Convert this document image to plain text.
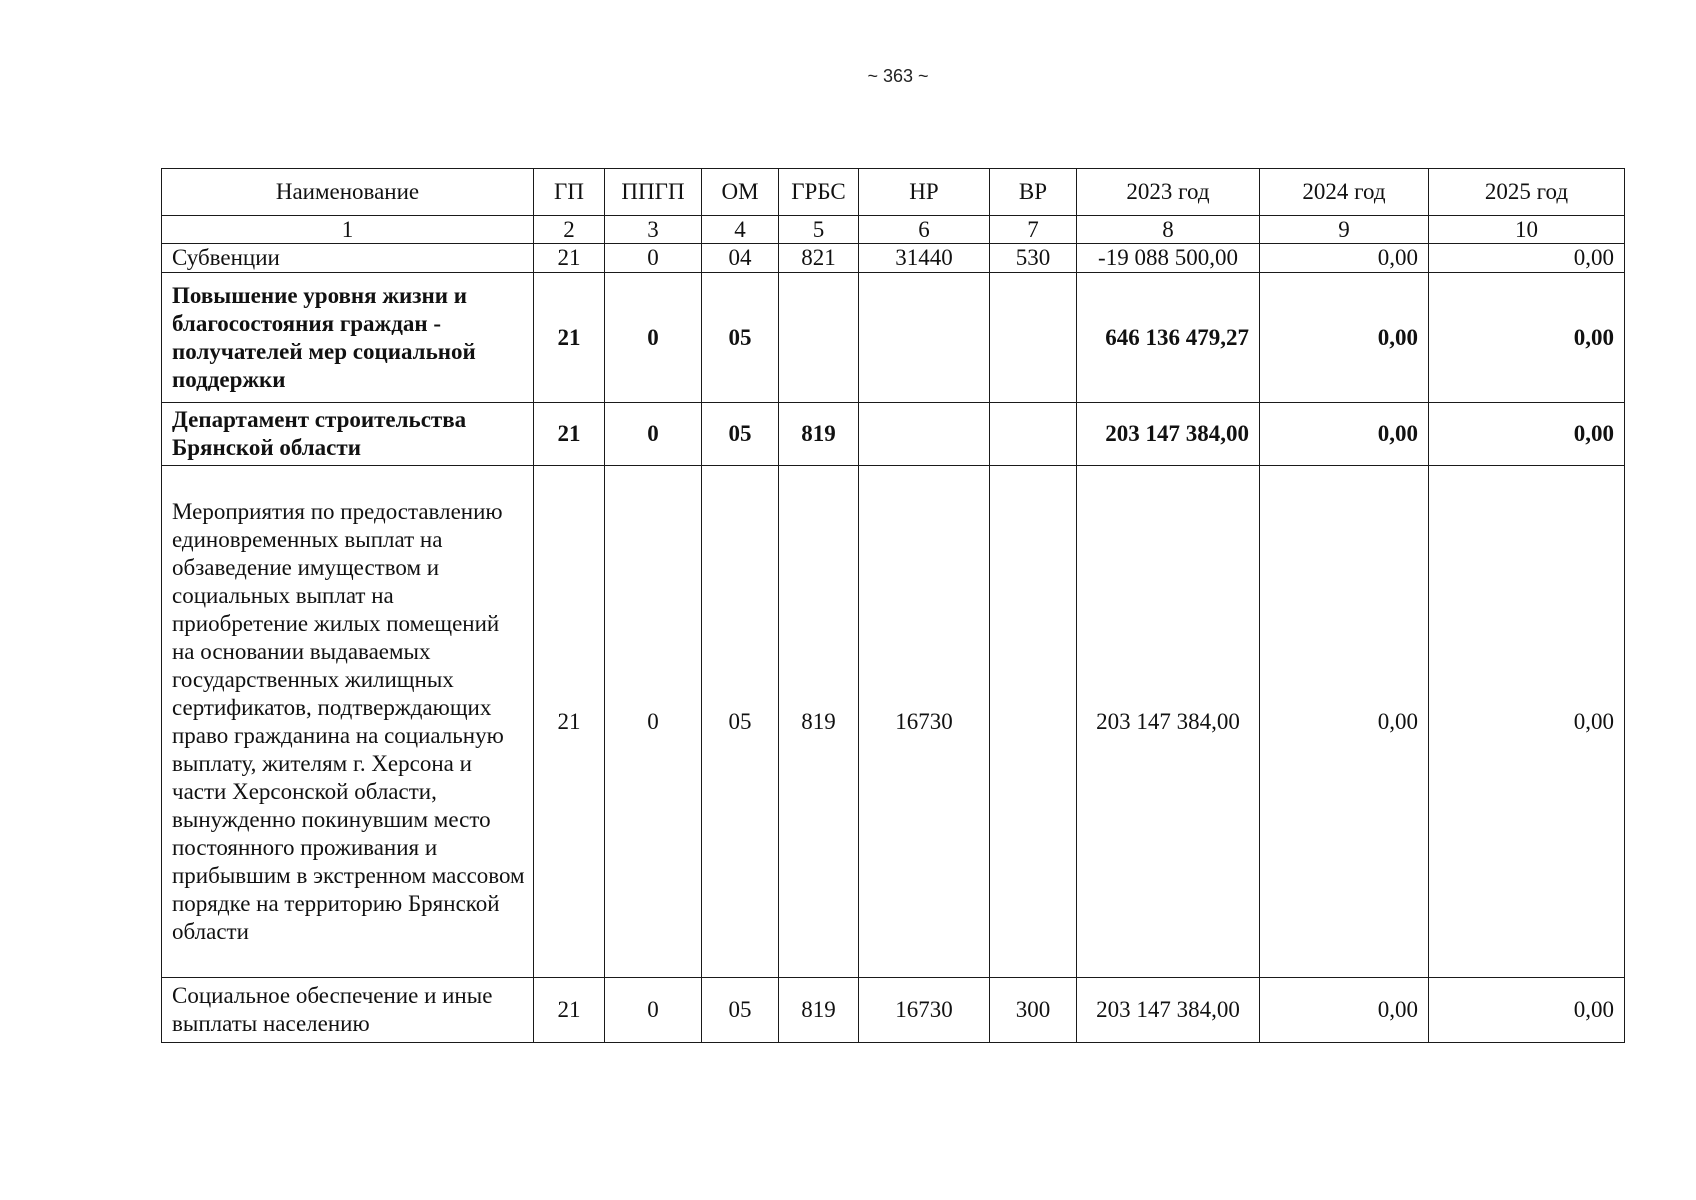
~ 363 ~
Наименование	ГП	ППГП	ОМ	ГРБС	НР	ВР	2023 год	2024 год	2025 год
1	2	3	4	5	6	7	8	9	10
Субвенции	21	0	04	821	31440	530	-19 088 500,00	0,00	0,00
Повышение уровня жизни и благосостояния граждан - получателей мер социальной поддержки	21	0	05				646 136 479,27	0,00	0,00
Департамент строительства Брянской области	21	0	05	819			203 147 384,00	0,00	0,00
Мероприятия по предоставлению единовременных выплат на обзаведение имуществом и социальных выплат на приобретение жилых помещений на основании выдаваемых государственных жилищных сертификатов, подтверждающих право гражданина на социальную выплату, жителям г. Херсона и части Херсонской области, вынужденно покинувшим место постоянного проживания и прибывшим в экстренном массовом порядке на территорию Брянской области	21	0	05	819	16730		203 147 384,00	0,00	0,00
Социальное обеспечение и иные выплаты населению	21	0	05	819	16730	300	203 147 384,00	0,00	0,00
